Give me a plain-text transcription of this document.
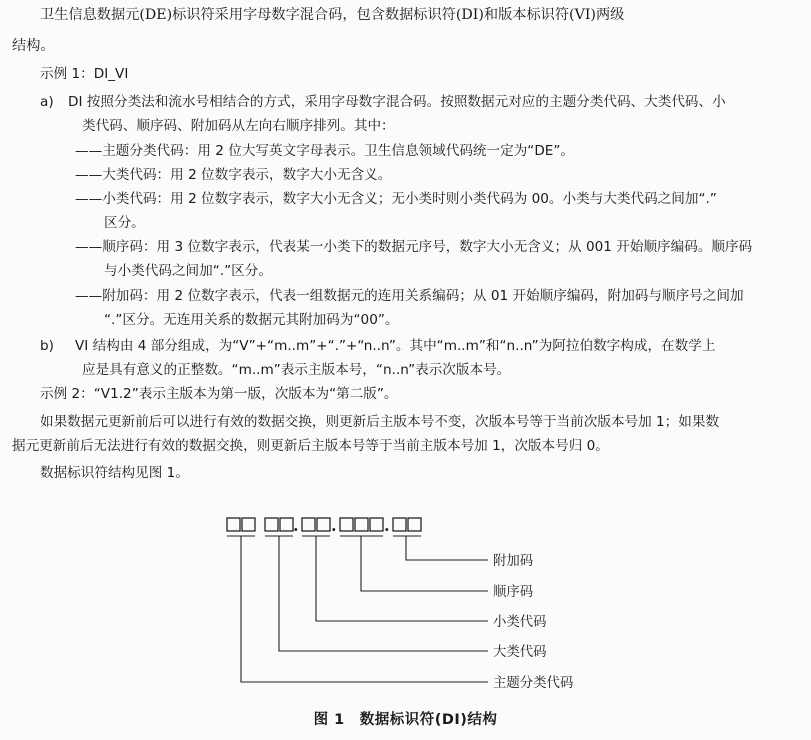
卫生信息数据元(DE)标识符采用字母数字混合码，包含数据标识符(DI)和版本标识符(VI)两级
结构。
示例 1：DI_VI
a) DI 按照分类法和流水号相结合的方式，采用字母数字混合码。按照数据元对应的主题分类代码、大类代码、小
类代码、顺序码、附加码从左向右顺序排列。其中：
——主题分类代码：用 2 位大写英文字母表示。卫生信息领域代码统一定为“DE”。
——大类代码：用 2 位数字表示，数字大小无含义。
——小类代码：用 2 位数字表示，数字大小无含义；无小类时则小类代码为 00。小类与大类代码之间加“.”
区分。
——顺序码：用 3 位数字表示，代表某一小类下的数据元序号，数字大小无含义；从 001 开始顺序编码。顺序码
与小类代码之间加“.”区分。
——附加码：用 2 位数字表示，代表一组数据元的连用关系编码；从 01 开始顺序编码，附加码与顺序号之间加
“.”区分。无连用关系的数据元其附加码为“00”。
b) VI 结构由 4 部分组成，为“V”+“m..m”+“.”+“n..n”。其中“m..m”和“n..n”为阿拉伯数字构成，在数学上
应是具有意义的正整数。“m..m”表示主版本号，“n..n”表示次版本号。
示例 2：“V1.2”表示主版本为第一版，次版本为“第二版”。
如果数据元更新前后可以进行有效的数据交换，则更新后主版本号不变，次版本号等于当前次版本号加 1；如果数
据元更新前后无法进行有效的数据交换，则更新后主版本号等于当前主版本号加 1，次版本号归 0。
数据标识符结构见图 1。
. .	.
附加码
顺序码
小类代码
大类代码
主题分类代码
图 1　数据标识符(DI)结构
